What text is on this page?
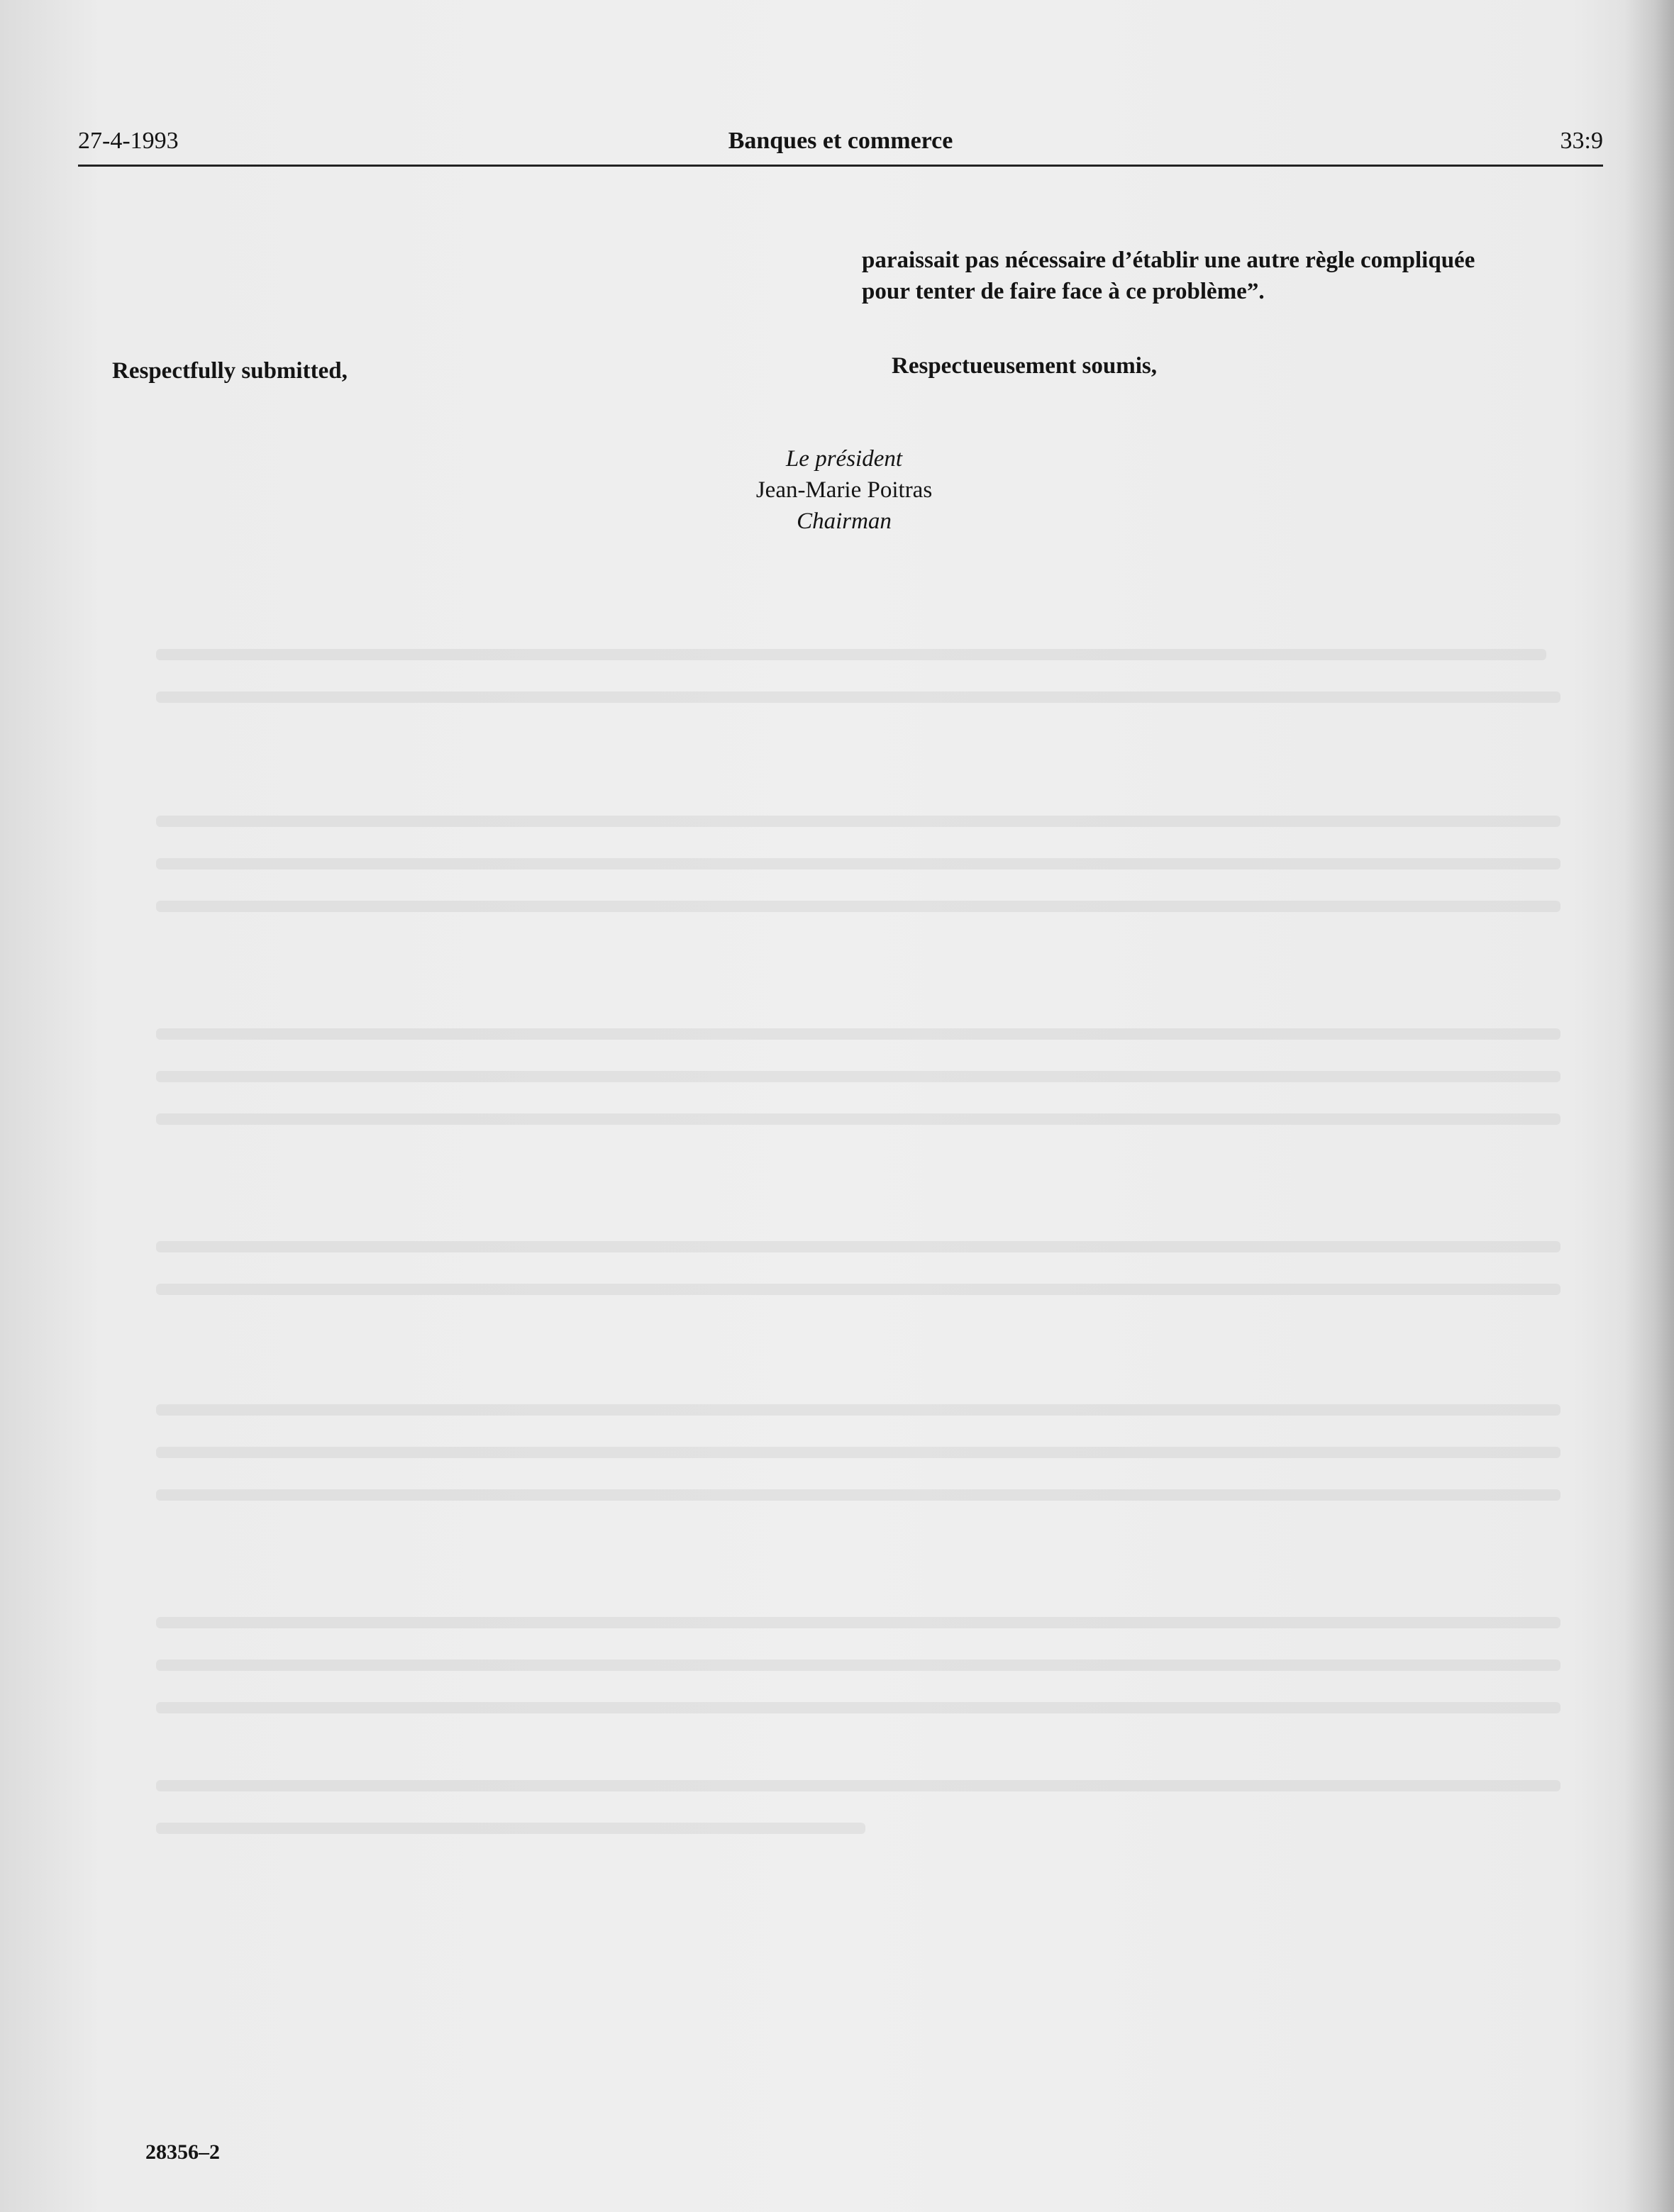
27-4-1993	Banques et commerce	33:9
paraissait pas nécessaire d’établir une autre règle compliquée
pour tenter de faire face à ce problème”.
Respectfully submitted,	Respectueusement soumis,
Le président
Jean-Marie Poitras
Chairman
28356–2
